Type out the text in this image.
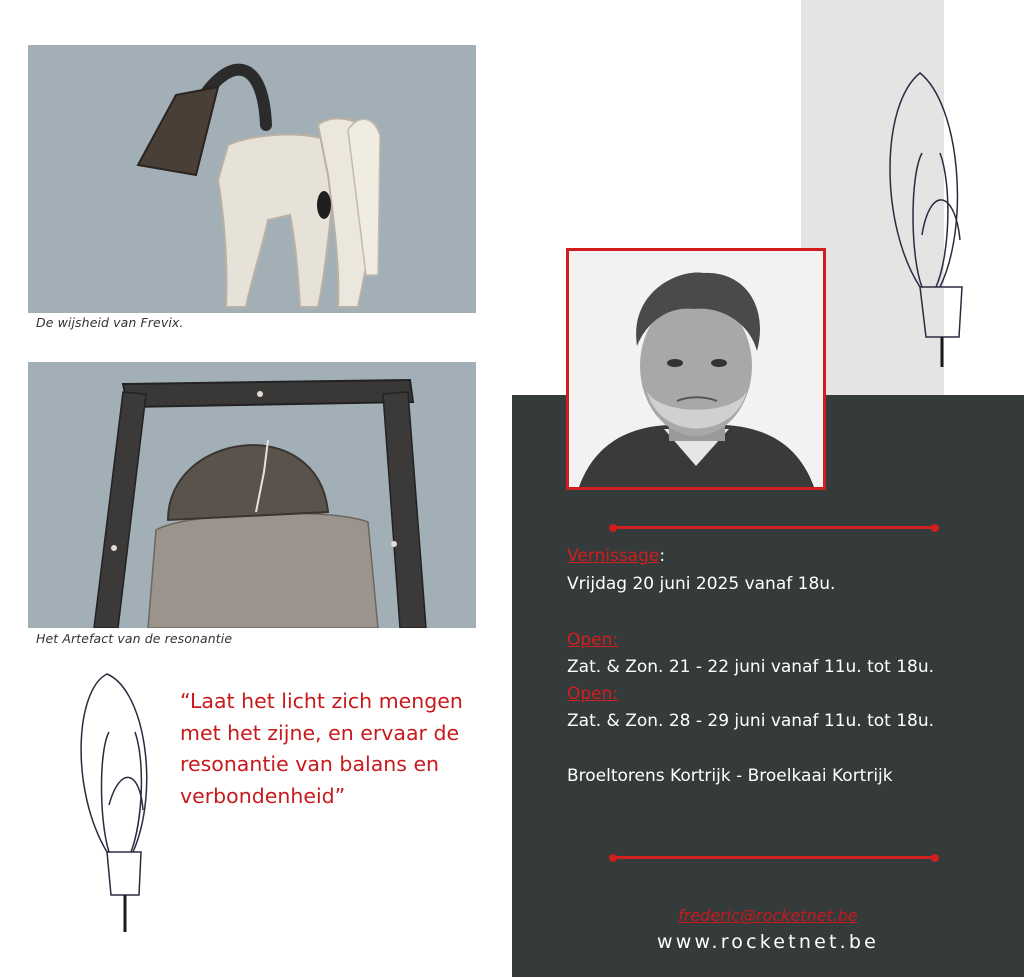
De wijsheid van Frevix.
Het Artefact van de resonantie
“Laat het licht zich mengen met het zijne, en ervaar de resonantie van balans en verbondenheid”
Vernissage:
Vrijdag 20 juni 2025 vanaf 18u.
Open:
Zat. & Zon. 21 - 22 juni vanaf 11u. tot 18u.
Open:
Zat. & Zon. 28 - 29 juni vanaf 11u. tot 18u.
Broeltorens Kortrijk - Broelkaai Kortrijk
frederic@rocketnet.be
www.rocketnet.be
